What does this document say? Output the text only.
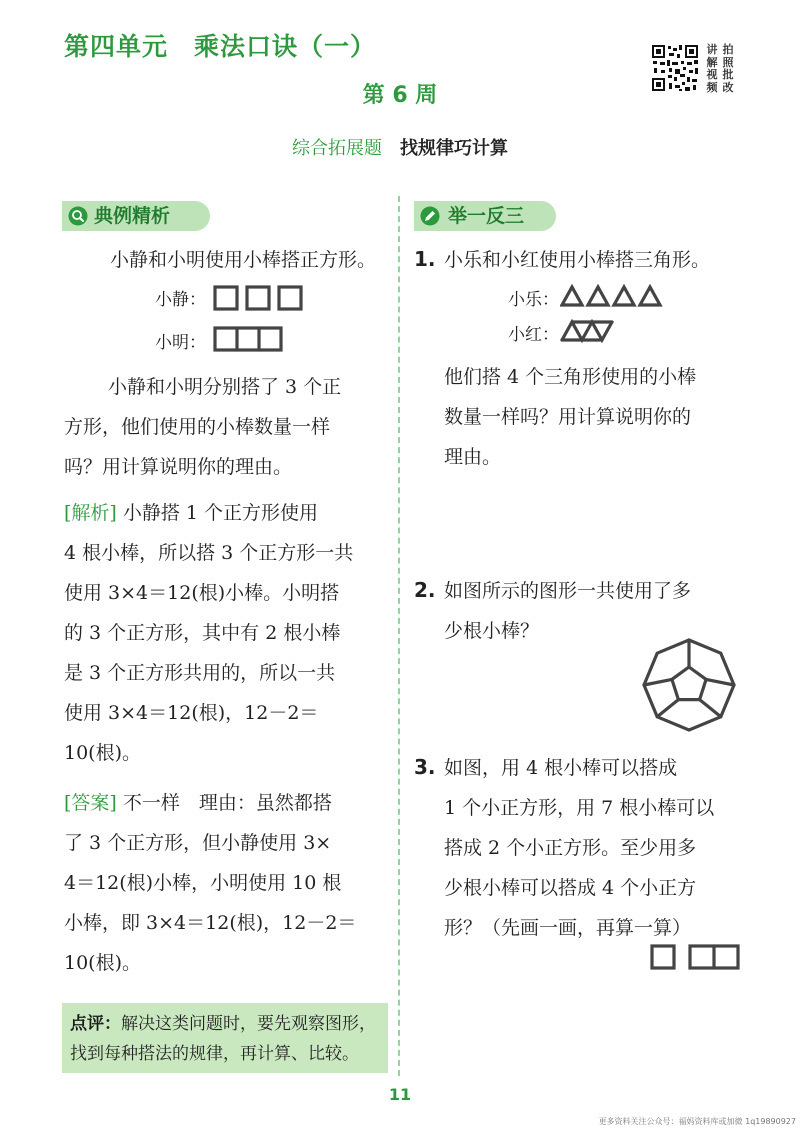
第四单元 乘法口诀（一）	讲 拍
解 照
视 批
频 改
第 6 周
综合拓展题 找规律巧计算
典例精析
小静和小明使用小棒搭正方形。
小静：
小明：
小静和小明分别搭了 3 个正
方形，他们使用的小棒数量一样
吗？用计算说明你的理由。
[解析] 小静搭 1 个正方形使用
4 根小棒，所以搭 3 个正方形一共
使用 3×4＝12(根)小棒。小明搭
的 3 个正方形，其中有 2 根小棒
是 3 个正方形共用的，所以一共
使用 3×4＝12(根)，12－2＝
10(根)。
[答案] 不一样　理由：虽然都搭
了 3 个正方形，但小静使用 3×
4＝12(根)小棒，小明使用 10 根
小棒，即 3×4＝12(根)，12－2＝
10(根)。
点评：解决这类问题时，要先观察图形，
找到每种搭法的规律，再计算、比较。
举一反三
1. 小乐和小红使用小棒搭三角形。
小乐：
小红：
他们搭 4 个三角形使用的小棒
数量一样吗？用计算说明你的
理由。
2. 如图所示的图形一共使用了多
少根小棒？
3. 如图，用 4 根小棒可以搭成
1 个小正方形，用 7 根小棒可以
搭成 2 个小正方形。至少用多
少根小棒可以搭成 4 个小正方
形？（先画一画，再算一算）
11
更多资料关注公众号：福妈资料库或加微 1q19890927
